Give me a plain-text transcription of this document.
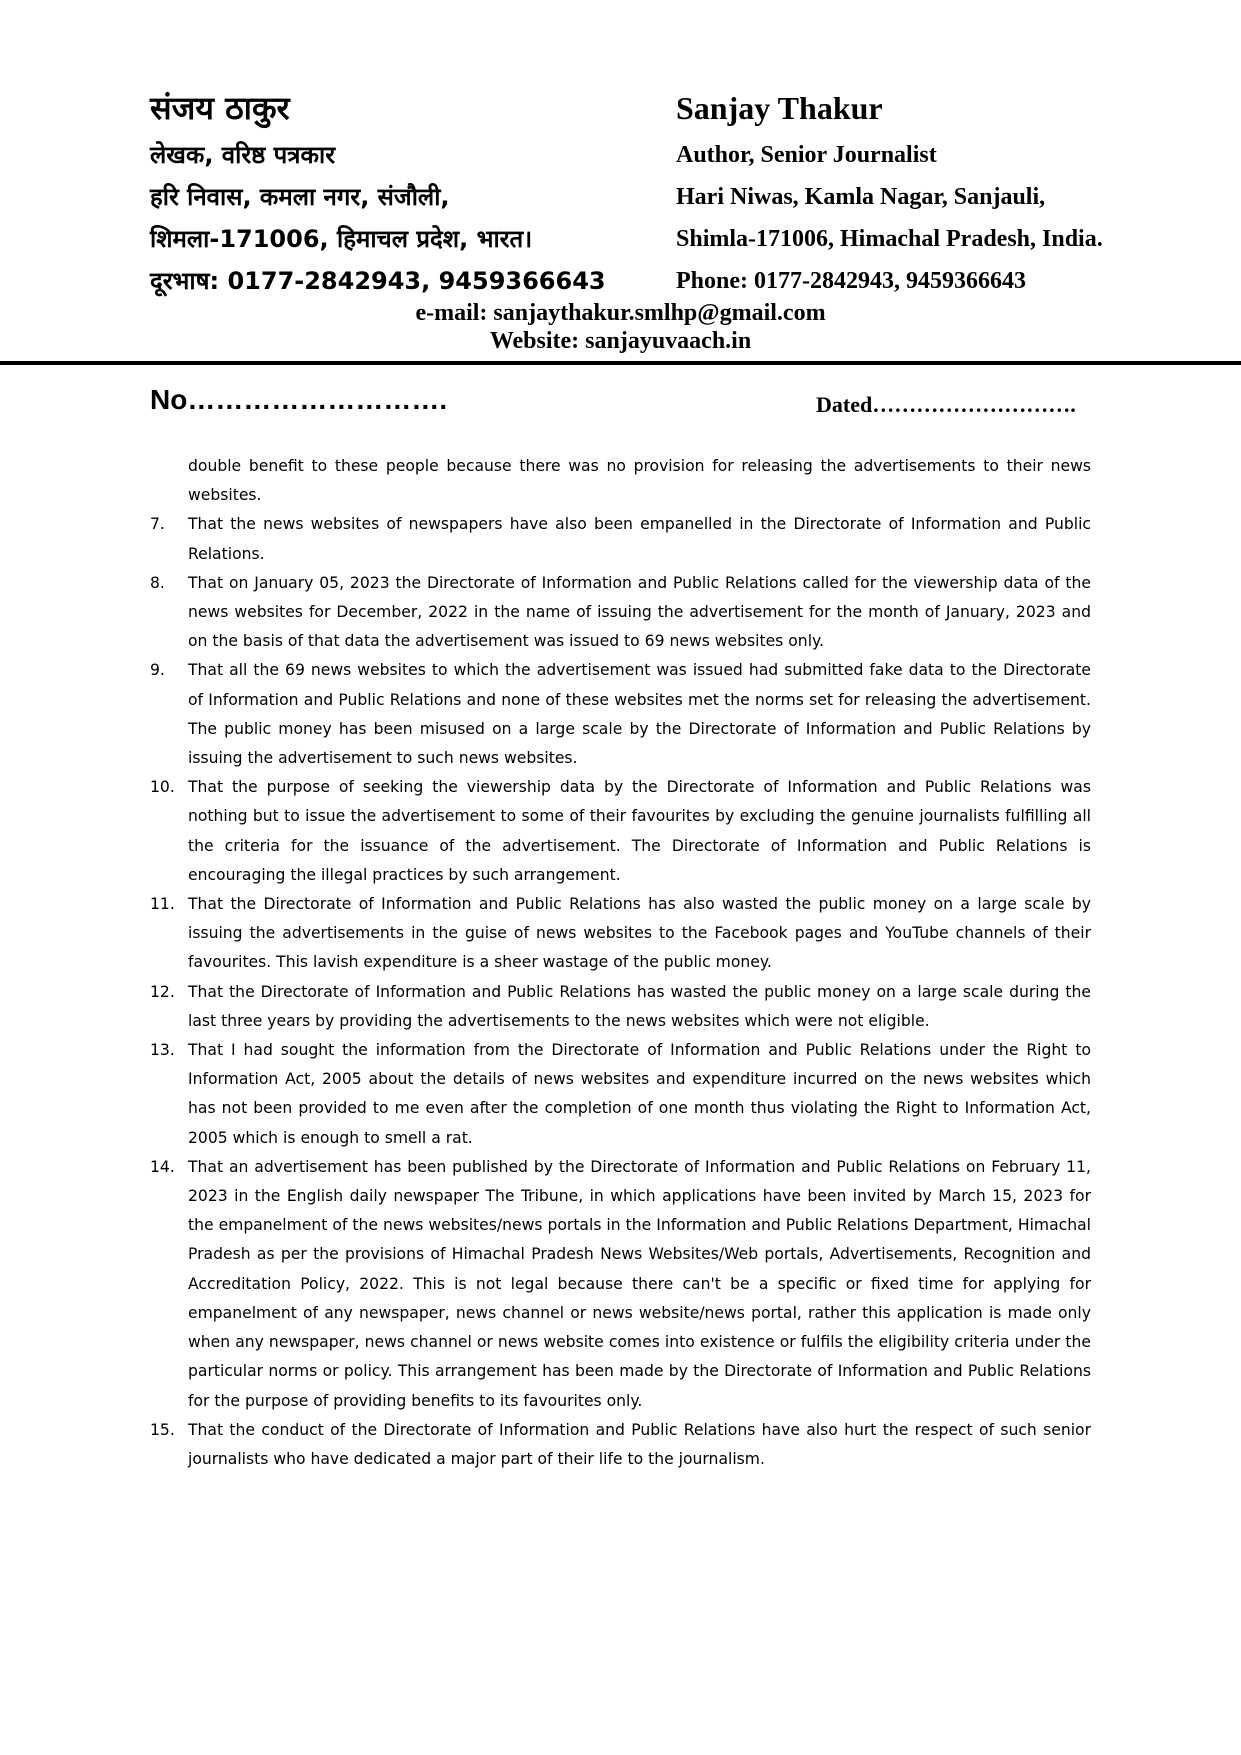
संजय ठाकुर
लेखक, वरिष्ठ पत्रकार
हरि निवास, कमला नगर, संजौली,
शिमला-171006, हिमाचल प्रदेश, भारत।
दूरभाष: 0177-2842943, 9459366643
Sanjay Thakur
Author, Senior Journalist
Hari Niwas, Kamla Nagar, Sanjauli,
Shimla-171006, Himachal Pradesh, India.
Phone: 0177-2842943, 9459366643
e-mail: sanjaythakur.smlhp@gmail.com
Website: sanjayuvaach.in
No……………………….	Dated……………………….

double benefit to these people because there was no provision for releasing the advertisements to their news websites.

7. That the news websites of newspapers have also been empanelled in the Directorate of Information and Public Relations.

8. That on January 05, 2023 the Directorate of Information and Public Relations called for the viewership data of the news websites for December, 2022 in the name of issuing the advertisement for the month of January, 2023 and on the basis of that data the advertisement was issued to 69 news websites only.

9. That all the 69 news websites to which the advertisement was issued had submitted fake data to the Directorate of Information and Public Relations and none of these websites met the norms set for releasing the advertisement. The public money has been misused on a large scale by the Directorate of Information and Public Relations by issuing the advertisement to such news websites.

10. That the purpose of seeking the viewership data by the Directorate of Information and Public Relations was nothing but to issue the advertisement to some of their favourites by excluding the genuine journalists fulfilling all the criteria for the issuance of the advertisement. The Directorate of Information and Public Relations is encouraging the illegal practices by such arrangement.

11. That the Directorate of Information and Public Relations has also wasted the public money on a large scale by issuing the advertisements in the guise of news websites to the Facebook pages and YouTube channels of their favourites. This lavish expenditure is a sheer wastage of the public money.

12. That the Directorate of Information and Public Relations has wasted the public money on a large scale during the last three years by providing the advertisements to the news websites which were not eligible.

13. That I had sought the information from the Directorate of Information and Public Relations under the Right to Information Act, 2005 about the details of news websites and expenditure incurred on the news websites which has not been provided to me even after the completion of one month thus violating the Right to Information Act, 2005 which is enough to smell a rat.

14. That an advertisement has been published by the Directorate of Information and Public Relations on February 11, 2023 in the English daily newspaper The Tribune, in which applications have been invited by March 15, 2023 for the empanelment of the news websites/news portals in the Information and Public Relations Department, Himachal Pradesh as per the provisions of Himachal Pradesh News Websites/Web portals, Advertisements, Recognition and Accreditation Policy, 2022. This is not legal because there can't be a specific or fixed time for applying for empanelment of any newspaper, news channel or news website/news portal, rather this application is made only when any newspaper, news channel or news website comes into existence or fulfils the eligibility criteria under the particular norms or policy. This arrangement has been made by the Directorate of Information and Public Relations for the purpose of providing benefits to its favourites only.

15. That the conduct of the Directorate of Information and Public Relations have also hurt the respect of such senior journalists who have dedicated a major part of their life to the journalism.
